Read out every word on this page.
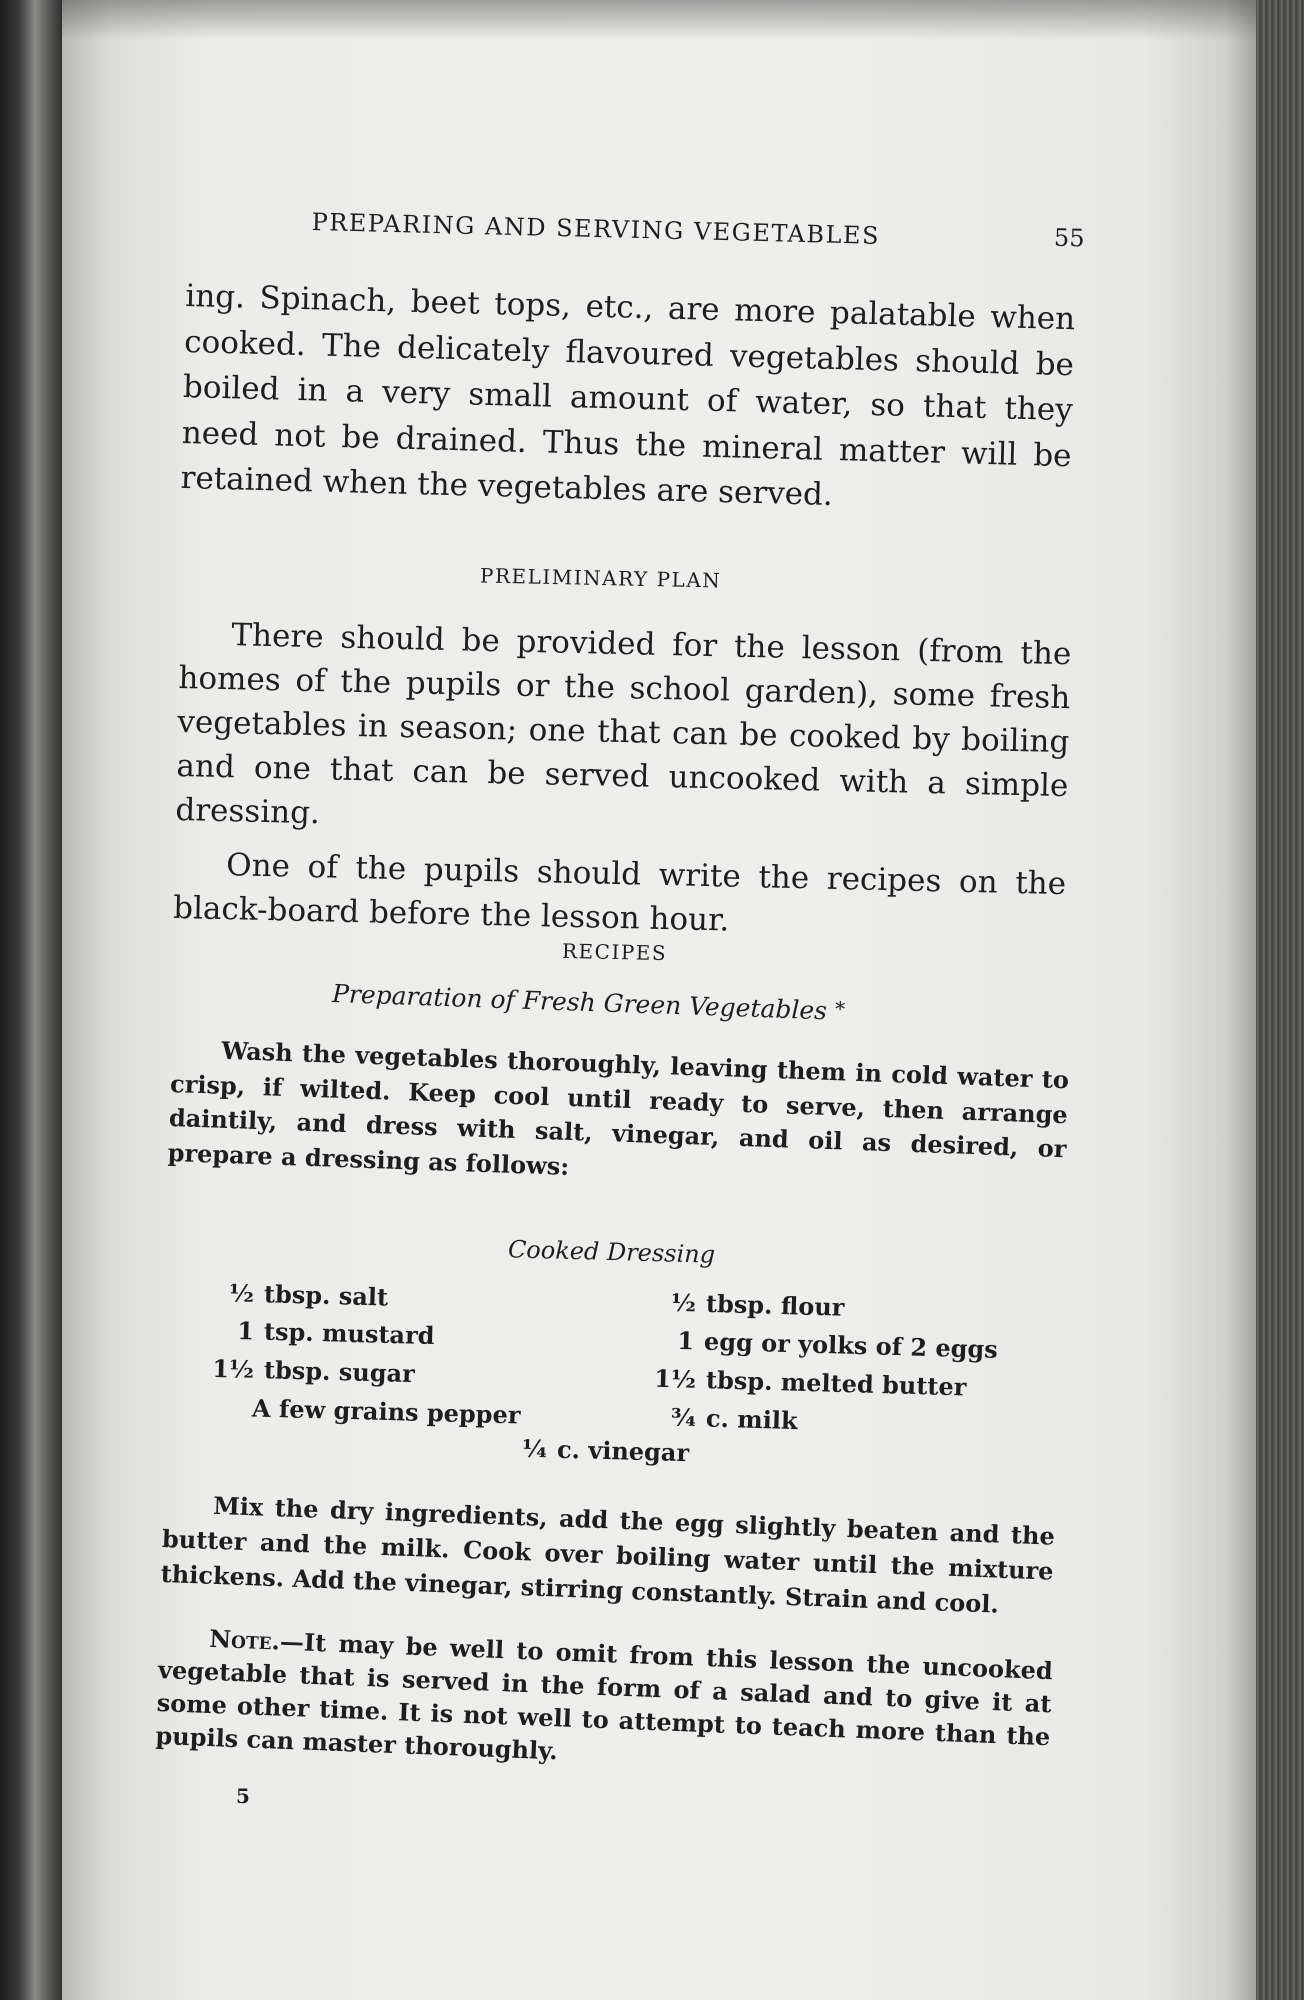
PREPARING AND SERVING VEGETABLES	55

ing. Spinach, beet tops, etc., are more palatable when cooked. The delicately flavoured vegetables should be boiled in a very small amount of water, so that they need not be drained. Thus the mineral matter will be retained when the vegetables are served.

PRELIMINARY PLAN

There should be provided for the lesson (from the homes of the pupils or the school garden), some fresh vegetables in season; one that can be cooked by boiling and one that can be served uncooked with a simple dressing.

One of the pupils should write the recipes on the black-board before the lesson hour.

RECIPES
Preparation of Fresh Green Vegetables *

Wash the vegetables thoroughly, leaving them in cold water to crisp, if wilted. Keep cool until ready to serve, then arrange daintily, and dress with salt, vinegar, and oil as desired, or prepare a dressing as follows:

Cooked Dressing
½ tbsp. salt
1 tsp. mustard
1½ tbsp. sugar
A few grains pepper
½ tbsp. flour
1 egg or yolks of 2 eggs
1½ tbsp. melted butter
¾ c. milk
¼ c. vinegar

Mix the dry ingredients, add the egg slightly beaten and the butter and the milk. Cook over boiling water until the mixture thickens. Add the vinegar, stirring constantly. Strain and cool.

Note.—It may be well to omit from this lesson the uncooked vegetable that is served in the form of a salad and to give it at some other time. It is not well to attempt to teach more than the pupils can master thoroughly.

5
